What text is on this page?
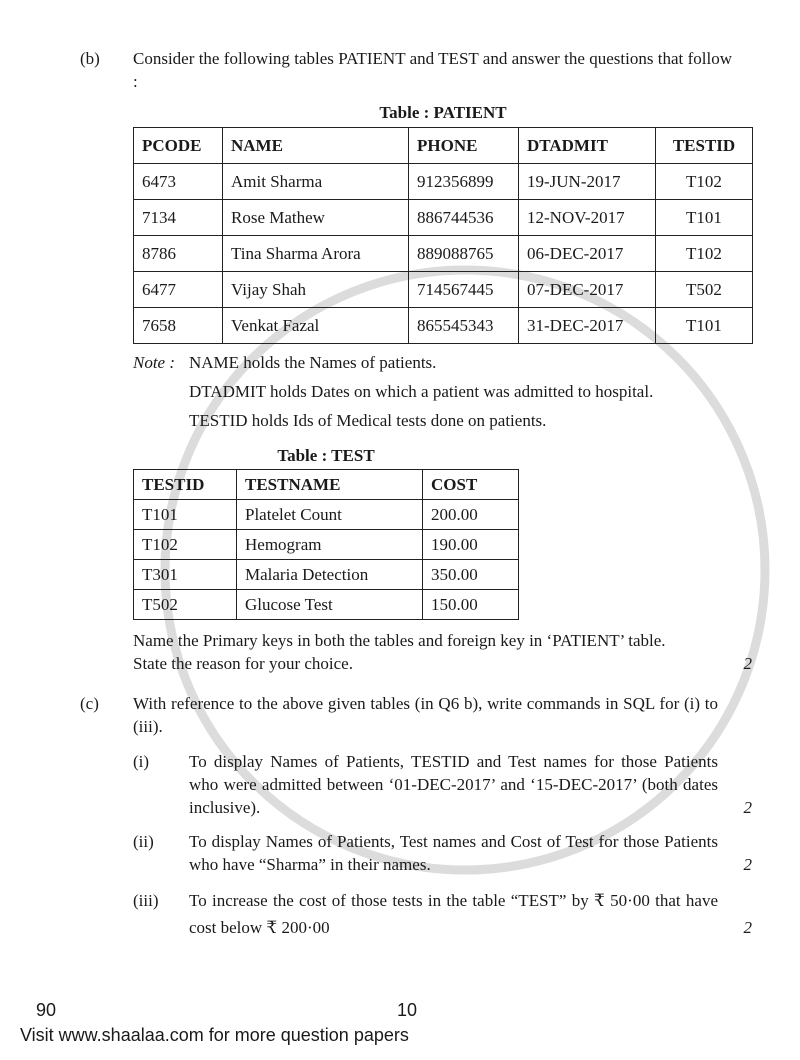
(b)	Consider the following tables PATIENT and TEST and answer the questions that follow :
Table : PATIENT
PCODE	NAME	PHONE	DTADMIT	TESTID
6473	Amit Sharma	912356899	19-JUN-2017	T102
7134	Rose Mathew	886744536	12-NOV-2017	T101
8786	Tina Sharma Arora	889088765	06-DEC-2017	T102
6477	Vijay Shah	714567445	07-DEC-2017	T502
7658	Venkat Fazal	865545343	31-DEC-2017	T101
Note : NAME holds the Names of patients.
DTADMIT holds Dates on which a patient was admitted to hospital.
TESTID holds Ids of Medical tests done on patients.
Table : TEST
TESTID	TESTNAME	COST
T101	Platelet Count	200.00
T102	Hemogram	190.00
T301	Malaria Detection	350.00
T502	Glucose Test	150.00
Name the Primary keys in both the tables and foreign key in ‘PATIENT’ table.
State the reason for your choice.	2
(c)	With reference to the above given tables (in Q6 b), write commands in SQL for (i) to (iii).
(i)	To display Names of Patients, TESTID and Test names for those Patients who were admitted between ‘01-DEC-2017’ and ‘15-DEC-2017’ (both dates inclusive).	2
(ii)	To display Names of Patients, Test names and Cost of Test for those Patients who have “Sharma” in their names.	2
(iii)	To increase the cost of those tests in the table “TEST” by ₹ 50·00 that have cost below ₹ 200·00	2
90	10
Visit www.shaalaa.com for more question papers
